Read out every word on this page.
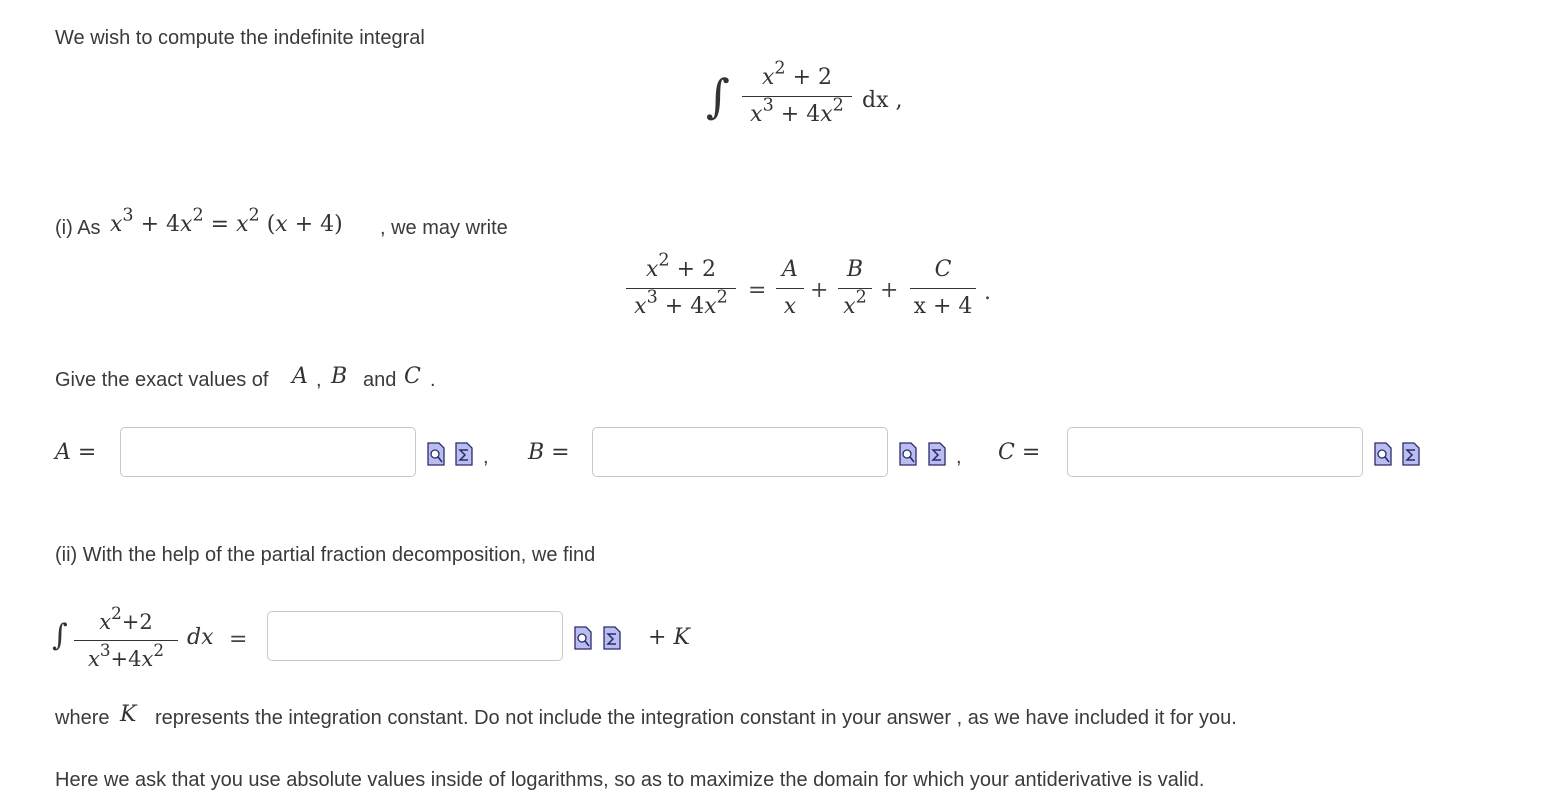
We wish to compute the indefinite integral
∫	$x^2 + 2$
$x^3 + 4x^2$ dx ,
(i) As $x^3 + 4x^2 = x^2$ (x + 4) , we may write
$x^2 + 2$
$x^3 + 4x^2$ =
A
x
+
B
$x^2$ +
C
x + 4
.
Give the exact values of A , B and C .
A =	, B =	, C =
(ii) With the help of the partial fraction decomposition, we find
∫	$x^2+2$
$x^3+4x^2$
dx =	+ K
where K represents the integration constant. Do not include the integration constant in your answer , as we have included it for you.
Here we ask that you use absolute values inside of logarithms, so as to maximize the domain for which your antiderivative is valid.
